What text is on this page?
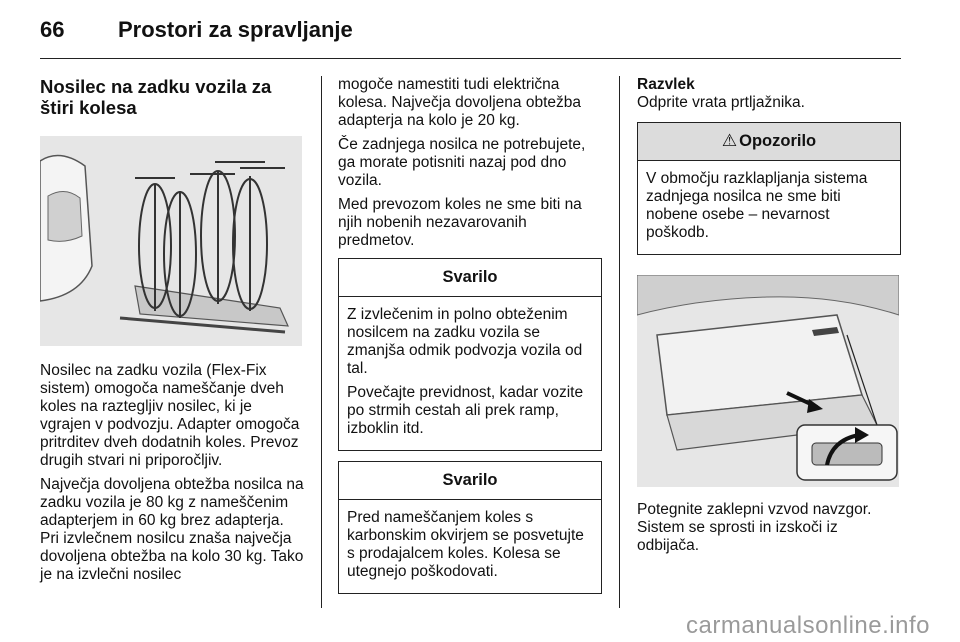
66 Prostori za spravljanje
Nosilec na zadku vozila za štiri kolesa

Nosilec na zadku vozila (Flex-Fix sistem) omogoča nameščanje dveh koles na raztegljiv nosilec, ki je vgrajen v podvozju. Adapter omogoča pritrditev dveh dodatnih koles. Prevoz drugih stvari ni priporočljiv.

Največja dovoljena obtežba nosilca na zadku vozila je 80 kg z nameščenim adapterjem in 60 kg brez adapterja. Pri izvlečnem nosilcu znaša največja dovoljena obtežba na kolo 30 kg. Tako je na izvlečni nosilec

mogoče namestiti tudi električna kolesa. Največja dovoljena obtežba adapterja na kolo je 20 kg.

Če zadnjega nosilca ne potrebujete, ga morate potisniti nazaj pod dno vozila.

Med prevozom koles ne sme biti na njih nobenih nezavarovanih predmetov.

Svarilo

Z izvlečenim in polno obteženim nosilcem na zadku vozila se zmanjša odmik podvozja vozila od tal.

Povečajte previdnost, kadar vozite po strmih cestah ali prek ramp, izboklin itd.

Svarilo

Pred nameščanjem koles s karbonskim okvirjem se posvetujte s prodajalcem koles. Kolesa se utegnejo poškodovati.

Razvlek

Odprite vrata prtljažnika.

⚠ Opozorilo

V območju razklapljanja sistema zadnjega nosilca ne sme biti nobene osebe – nevarnost poškodb.

Potegnite zaklepni vzvod navzgor. Sistem se sprosti in izskoči iz odbijača.

carmanualsonline.info
